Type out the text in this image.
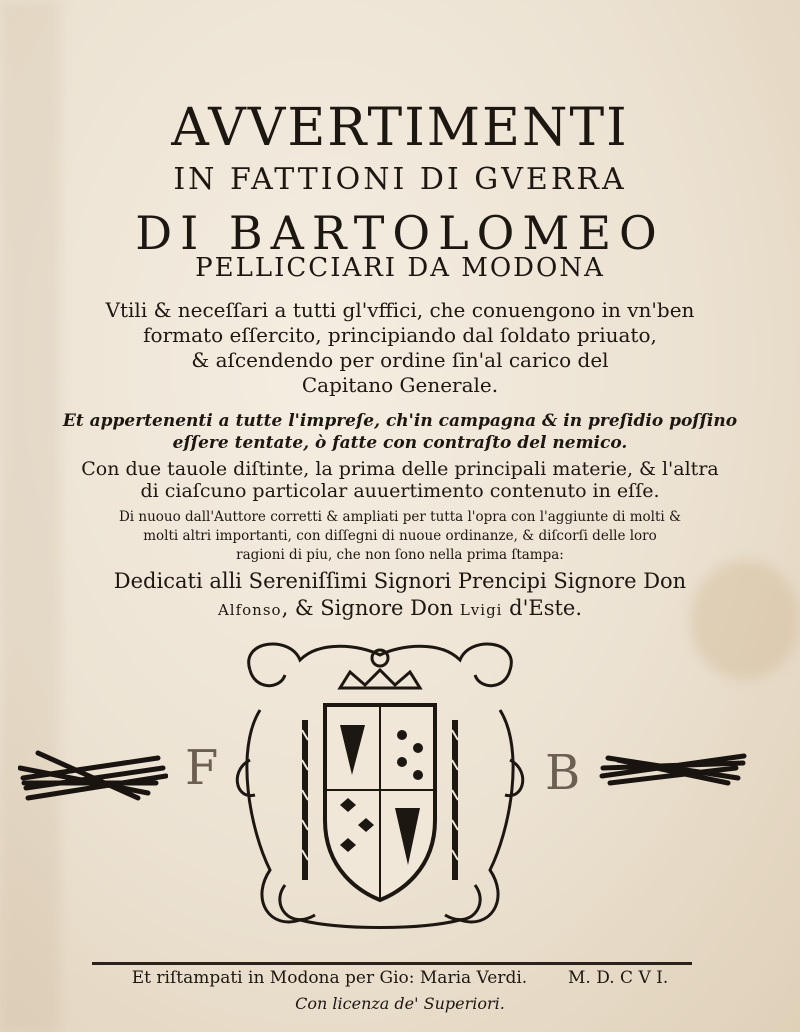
AVVERTIMENTI
IN FATTIONI DI GVERRA
DI BARTOLOMEO
PELLICCIARI DA MODONA
Vtili & neceſſari a tutti gl'vffici, che conuengono in vn'ben
formato eſſercito, principiando dal ſoldato priuato,
& aſcendendo per ordine ſin'al carico del
Capitano Generale.
Et appertenenti a tutte l'impreſe, ch'in campagna & in preſidio poſſino
eſſere tentate, ò fatte con contraſto del nemico.
Con due tauole diſtinte, la prima delle principali materie, & l'altra
di ciaſcuno particolar auuertimento contenuto in eſſe.
Di nuouo dall'Auttore corretti & ampliati per tutta l'opra con l'aggiunte di molti &
molti altri importanti, con diſſegni di nuoue ordinanze, & diſcorſi delle loro
ragioni di piu, che non ſono nella prima ſtampa:
Dedicati alli Sereniſſimi Signori Prencipi Signore Don
Alfonso, & Signore Don Lvigi d'Este.
F	B
Et riſtampati in Modona per Gio: Maria Verdi. M. D. C V I.
Con licenza de' Superiori.
